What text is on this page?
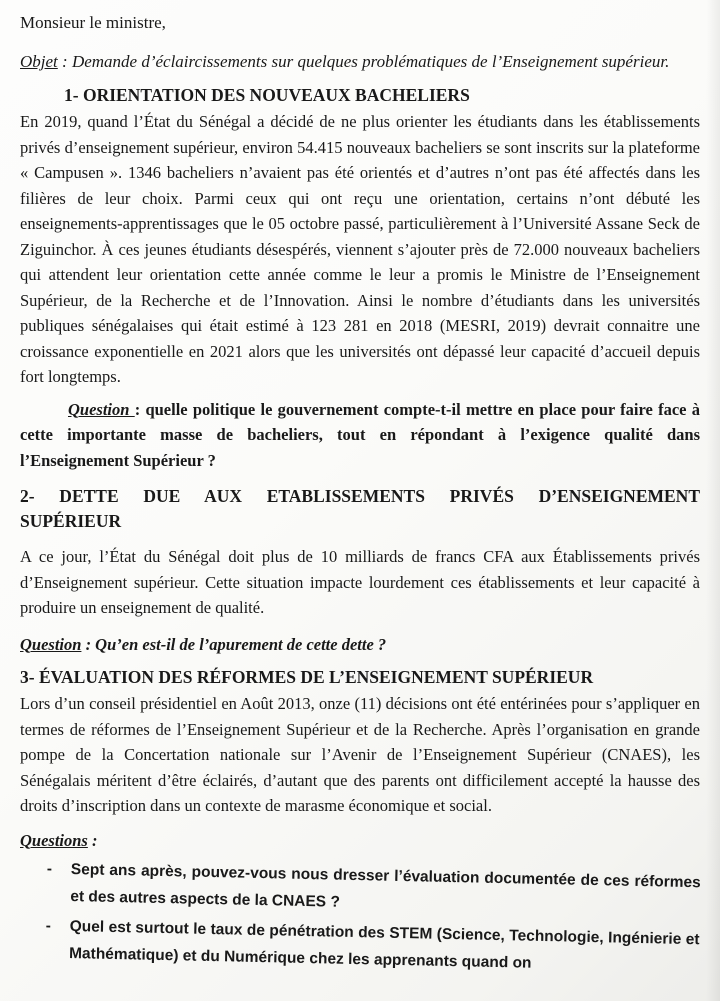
Monsieur le ministre,

Objet : Demande d’éclaircissements sur quelques problématiques de l’Enseignement supérieur.

1- ORIENTATION DES NOUVEAUX BACHELIERS

En 2019, quand l’État du Sénégal a décidé de ne plus orienter les étudiants dans les établissements privés d’enseignement supérieur, environ 54.415 nouveaux bacheliers se sont inscrits sur la plateforme « Campusen ». 1346 bacheliers n’avaient pas été orientés et d’autres n’ont pas été affectés dans les filières de leur choix. Parmi ceux qui ont reçu une orientation, certains n’ont débuté les enseignements-apprentissages que le 05 octobre passé, particulièrement à l’Université Assane Seck de Ziguinchor. À ces jeunes étudiants désespérés, viennent s’ajouter près de 72.000 nouveaux bacheliers qui attendent leur orientation cette année comme le leur a promis le Ministre de l’Enseignement Supérieur, de la Recherche et de l’Innovation. Ainsi le nombre d’étudiants dans les universités publiques sénégalaises qui était estimé à 123 281 en 2018 (MESRI, 2019) devrait connaitre une croissance exponentielle en 2021 alors que les universités ont dépassé leur capacité d’accueil depuis fort longtemps.

Question : quelle politique le gouvernement compte-t-il mettre en place pour faire face à cette importante masse de bacheliers, tout en répondant à l’exigence qualité dans l’Enseignement Supérieur ?

2- DETTE DUE AUX ETABLISSEMENTS PRIVÉS D’ENSEIGNEMENT SUPÉRIEUR

A ce jour, l’État du Sénégal doit plus de 10 milliards de francs CFA aux Établissements privés d’Enseignement supérieur. Cette situation impacte lourdement ces établissements et leur capacité à produire un enseignement de qualité.

Question : Qu’en est-il de l’apurement de cette dette ?

3- ÉVALUATION DES RÉFORMES DE L’ENSEIGNEMENT SUPÉRIEUR

Lors d’un conseil présidentiel en Août 2013, onze (11) décisions ont été entérinées pour s’appliquer en termes de réformes de l’Enseignement Supérieur et de la Recherche. Après l’organisation en grande pompe de la Concertation nationale sur l’Avenir de l’Enseignement Supérieur (CNAES), les Sénégalais méritent d’être éclairés, d’autant que des parents ont difficilement accepté la hausse des droits d’inscription dans un contexte de marasme économique et social.

Questions :

-	Sept ans après, pouvez-vous nous dresser l’évaluation documentée de ces réformes et des autres aspects de la CNAES ?
-	Quel est surtout le taux de pénétration des STEM (Science, Technologie, Ingénierie et Mathématique) et du Numérique chez les apprenants quand on
